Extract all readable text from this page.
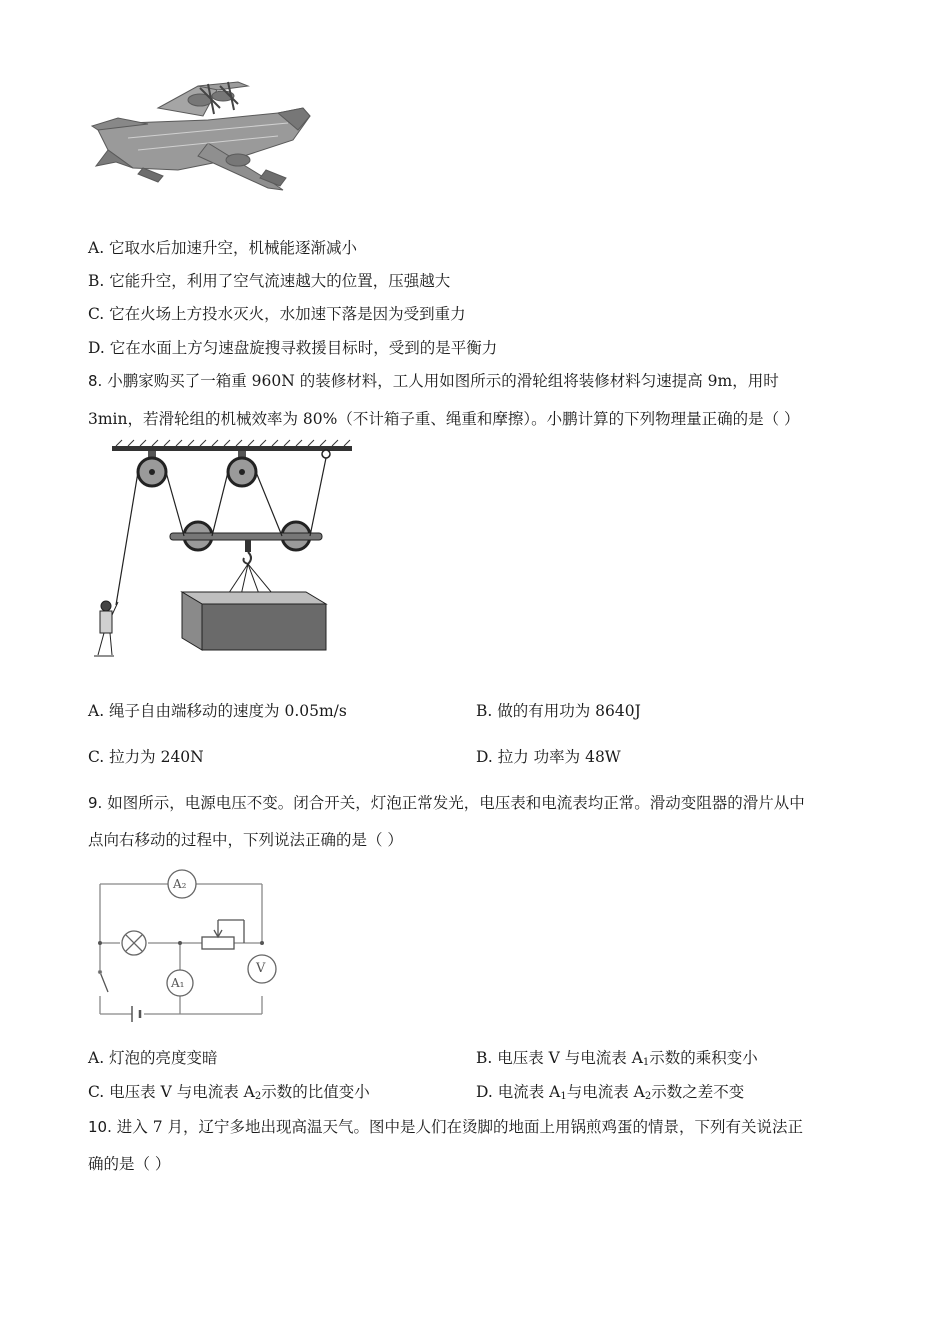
A. 它取水后加速升空，机械能逐渐减小
B. 它能升空，利用了空气流速越大的位置，压强越大
C. 它在火场上方投水灭火，水加速下落是因为受到重力
D. 它在水面上方匀速盘旋搜寻救援目标时，受到的是平衡力
8. 小鹏家购买了一箱重 960N 的装修材料，工人用如图所示的滑轮组将装修材料匀速提高 9m，用时
3min，若滑轮组的机械效率为 80%（不计箱子重、绳重和摩擦）。小鹏计算的下列物理量正确的是（ ）
A. 绳子自由端移动的速度为 0.05m/s	B. 做的有用功为 8640J
C. 拉力为 240N	D. 拉力 功率为 48W
9. 如图所示，电源电压不变。闭合开关，灯泡正常发光，电压表和电流表均正常。滑动变阻器的滑片从中
点向右移动的过程中，下列说法正确的是（ ）
A₂
A₁
V
A. 灯泡的亮度变暗	B. 电压表 V 与电流表 $A_1$示数的乘积变小
C. 电压表 V 与电流表 $A_2$示数的比值变小	D. 电流表 $A_1$与电流表 $A_2$示数之差不变
10. 进入 7 月，辽宁多地出现高温天气。图中是人们在烫脚的地面上用锅煎鸡蛋的情景，下列有关说法正
确的是（ ）
